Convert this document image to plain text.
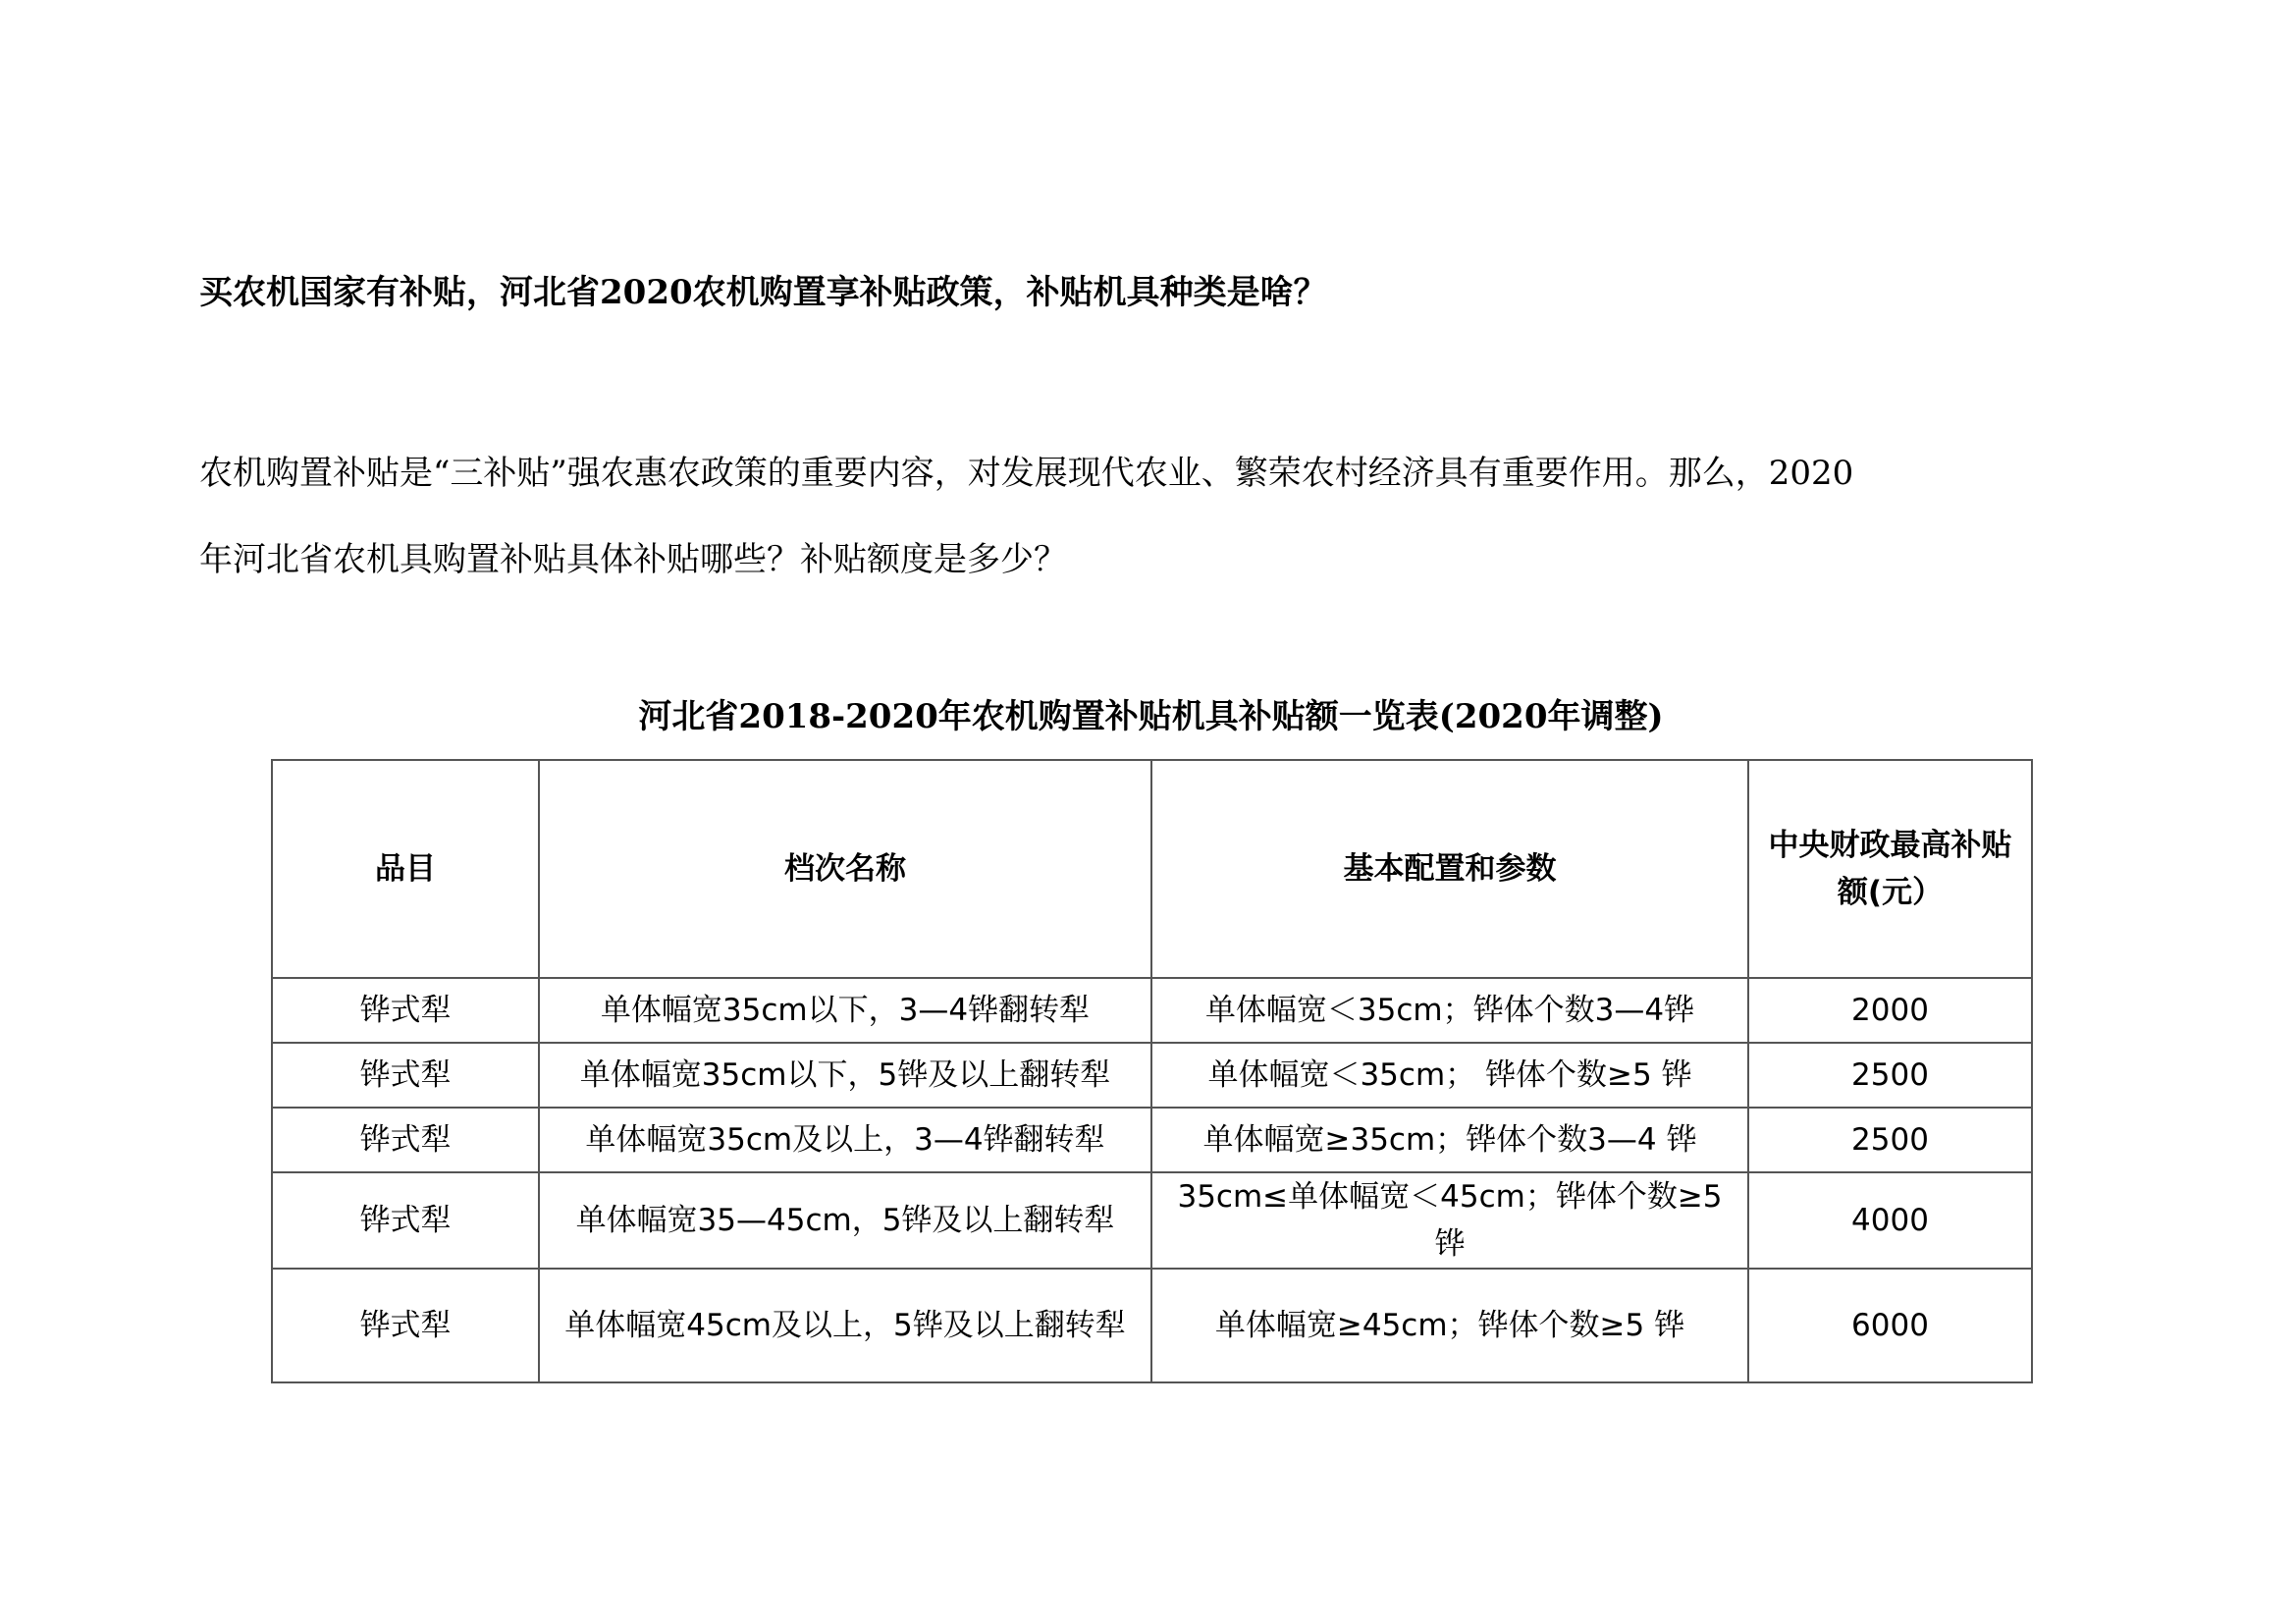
买农机国家有补贴，河北省2020农机购置享补贴政策，补贴机具种类是啥？

农机购置补贴是“三补贴”强农惠农政策的重要内容，对发展现代农业、繁荣农村经济具有重要作用。那么，2020
年河北省农机具购置补贴具体补贴哪些？补贴额度是多少？

河北省2018-2020年农机购置补贴机具补贴额一览表(2020年调整)
品目	档次名称	基本配置和参数	中央财政最高补贴额(元）
铧式犁	单体幅宽35cm以下，3—4铧翻转犁	单体幅宽＜35cm；铧体个数3—4铧	2000
铧式犁	单体幅宽35cm以下，5铧及以上翻转犁	单体幅宽＜35cm； 铧体个数≥5 铧	2500
铧式犁	单体幅宽35cm及以上，3—4铧翻转犁	单体幅宽≥35cm；铧体个数3—4 铧	2500
铧式犁	单体幅宽35—45cm，5铧及以上翻转犁	35cm≤单体幅宽＜45cm；铧体个数≥5铧	4000
铧式犁	单体幅宽45cm及以上，5铧及以上翻转犁	单体幅宽≥45cm；铧体个数≥5 铧	6000
